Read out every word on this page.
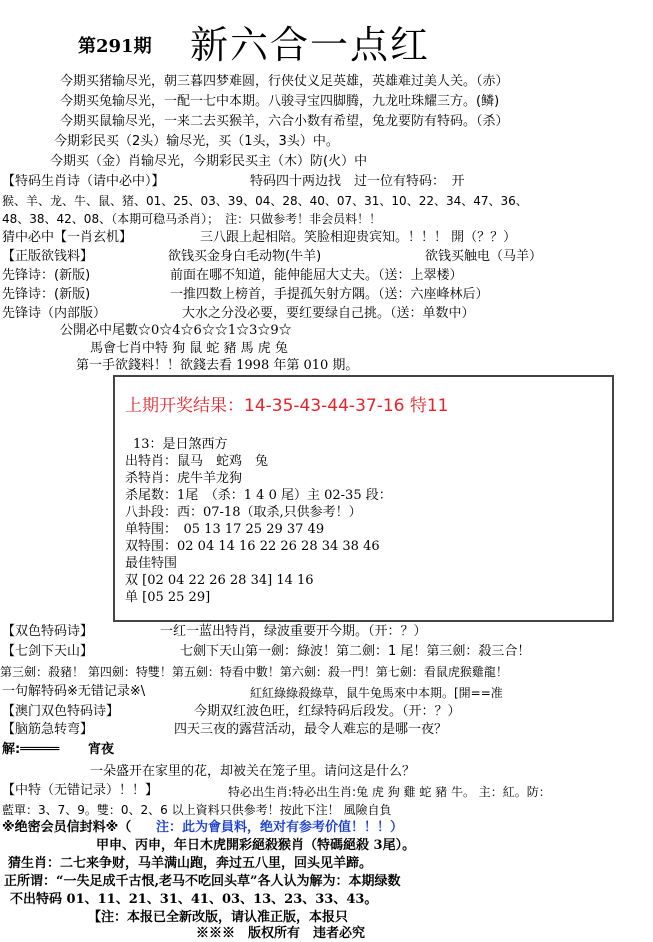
第291期 新六合一点红
今期买猪输尽光，朝三暮四梦难圆，行侠仗义足英雄，英雄难过美人关。（赤）
今期买兔输尽光，一配一七中本期。八骏寻宝四脚腾，九龙吐珠耀三方。(鳞)
今期买鼠输尽光，一来二去买猴羊，六合小数有希望，兔龙要防有特码。（杀）
今期彩民买（2头）输尽光，买（1头，3头）中。
今期买（金）肖输尽光，今期彩民买主（木）防(火）中
【特码生肖诗（请中必中）】	特码四十两边找　过一位有特码：　开
猴、羊、龙、牛、鼠、猪、01、25、03、39、04、28、40、07、31、10、22、34、47、36、
48、38、42、08、（本期可稳马杀肖）；　注：只做参考！非会员料！！
猜中必中【一肖玄机】	三八跟上起相陪。笑脸相迎贵宾知。！！！ 開（？？）
【正版欲钱料】	欲钱买金身白毛动物(牛羊)	欲钱买触电（马羊）
先锋诗：(新版)	前面在哪不知道，能伸能屈大丈夫。（送：上翠楼）
先锋诗：(新版)	一推四数上榜首，手提孤矢射方隅。（送：六座峰林后）
先锋诗（内部版）	大水之分没必要，要红要绿自己挑。（送：单数中）
公開必中尾數☆0☆4☆6☆☆1☆3☆9☆
馬會七肖中特 狗 鼠 蛇 豬 馬 虎 兔
第一手欲錢料！！欲錢去看 1998 年第 010 期。
上期开奖结果：14-35-43-44-37-16 特11
13：是日煞西方
出特肖：鼠马　蛇鸡　兔
杀特肖：虎牛羊龙狗
杀尾数：1尾　（杀：1 4 0 尾）主 02-35 段：
八卦段：西：07-18（取杀,只供参考！）
单特围：　05 13 17 25 29 37 49
双特围：02 04 14 16 22 26 28 34 38 46
最佳特围
双 [02 04 22 26 28 34] 14 16
单 [05 25 29]
【双色特码诗】	一红一蓝出特肖，绿波重要开今期。（开：？）
【七剑下天山】	七劍下天山第一劍：綠波！第二劍：1 尾！第三劍：殺三合！
第三劍：殺豬！ 第四劍：特雙！第五劍：特看中數！第六劍：殺一門！第七劍：看鼠虎猴雞龍！
一句解特码※无错记录※\	紅紅綠綠殺綠草，鼠牛兔馬來中本期。[開==准
【澳门双色特码诗】	今期双红波色旺，红绿特码后段发。（开：？）
【脑筋急转弯】	四天三夜的露营活动，最令人难忘的是哪一夜？
解:═════ 宵夜
一朵盛开在家里的花，却被关在笼子里。请问这是什么？
【中特（无错记录）！！】	特必出生肖:特必出生肖:兔 虎 狗 雞 蛇 豬 牛。 主：紅。防：
藍單：3、7、9。雙：0、2、6 以上資料只供參考！按此下注！ 風險自負
※绝密会员信封料※（ 注：此为會員料，绝对有参考价值！！！）
甲申、丙申，年日木虎開彩絕殺猴肖（特碼絕殺 3尾）。
猜生肖：二七来争财，马羊满山跑，奔过五八里，回头见羊蹄。
正所谓：“一失足成千古恨,老马不吃回头草”各人认为解为：本期绿数
不出特码 01、11、21、31、41、03、13、23、33、43。
【注：本报已全新改版，请认准正版，本报只
※※※　版权所有　违者必究
